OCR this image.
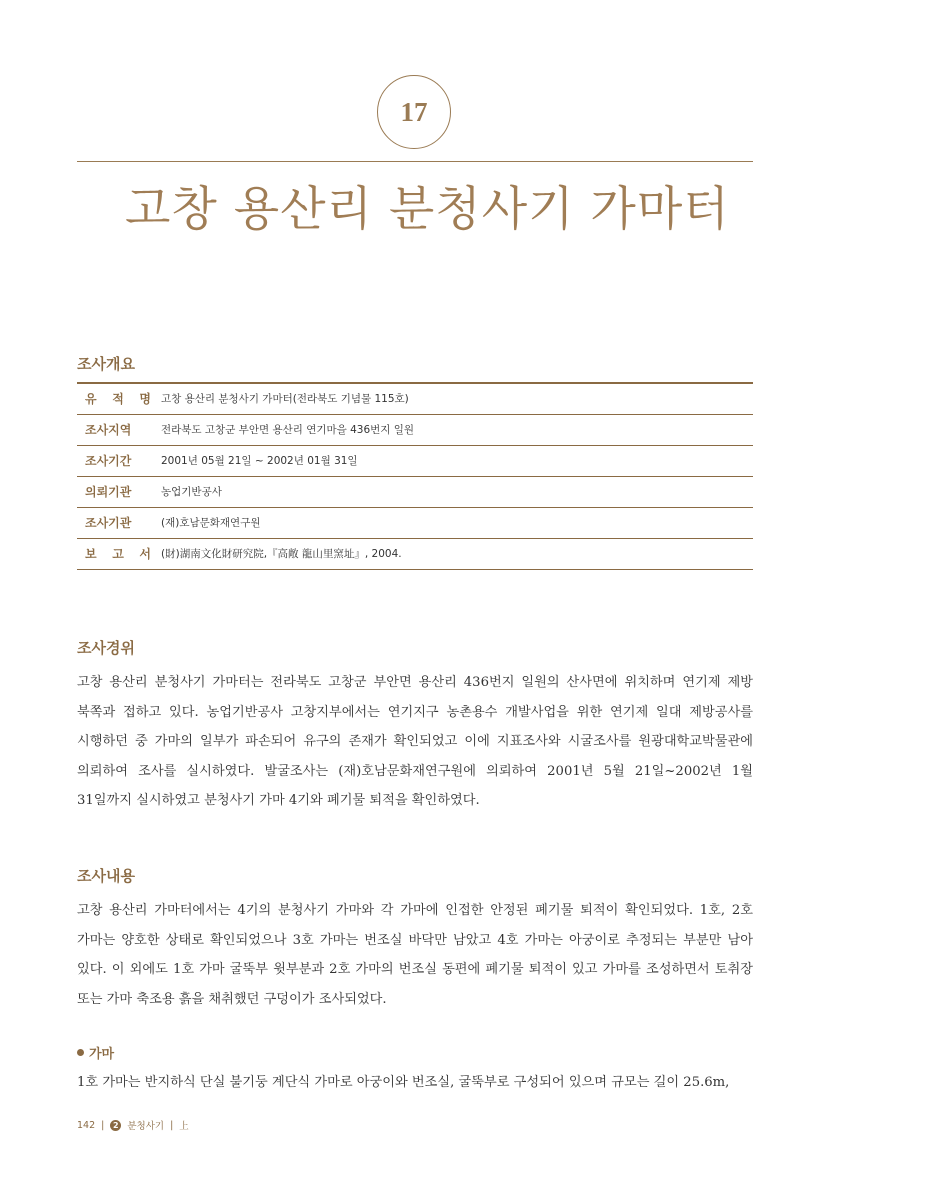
17
고창 용산리 분청사기 가마터
조사개요
유 적 명	고창 용산리 분청사기 가마터(전라북도 기념물 115호)
조사지역	전라북도 고창군 부안면 용산리 연기마을 436번지 일원
조사기간	2001년 05월 21일 ~ 2002년 01월 31일
의뢰기관	농업기반공사
조사기관	(재)호남문화재연구원
보 고 서	(財)湖南文化財研究院,『高敞 龍山里窯址』, 2004.
조사경위

고창 용산리 분청사기 가마터는 전라북도 고창군 부안면 용산리 436번지 일원의 산사면에 위치하며 연기제 제방 북쪽과 접하고 있다. 농업기반공사 고창지부에서는 연기지구 농촌용수 개발사업을 위한 연기제 일대 제방공사를 시행하던 중 가마의 일부가 파손되어 유구의 존재가 확인되었고 이에 지표조사와 시굴조사를 원광대학교박물관에 의뢰하여 조사를 실시하였다. 발굴조사는 (재)호남문화재연구원에 의뢰하여 2001년 5월 21일~2002년 1월 31일까지 실시하였고 분청사기 가마 4기와 폐기물 퇴적을 확인하였다.

조사내용

고창 용산리 가마터에서는 4기의 분청사기 가마와 각 가마에 인접한 안정된 폐기물 퇴적이 확인되었다. 1호, 2호 가마는 양호한 상태로 확인되었으나 3호 가마는 번조실 바닥만 남았고 4호 가마는 아궁이로 추정되는 부분만 남아 있다. 이 외에도 1호 가마 굴뚝부 윗부분과 2호 가마의 번조실 동편에 폐기물 퇴적이 있고 가마를 조성하면서 토취장 또는 가마 축조용 흙을 채취했던 구덩이가 조사되었다.

가마

1호 가마는 반지하식 단실 불기둥 계단식 가마로 아궁이와 번조실, 굴뚝부로 구성되어 있으며 규모는 길이 25.6m,

142 |	2 분청사기 | 上
